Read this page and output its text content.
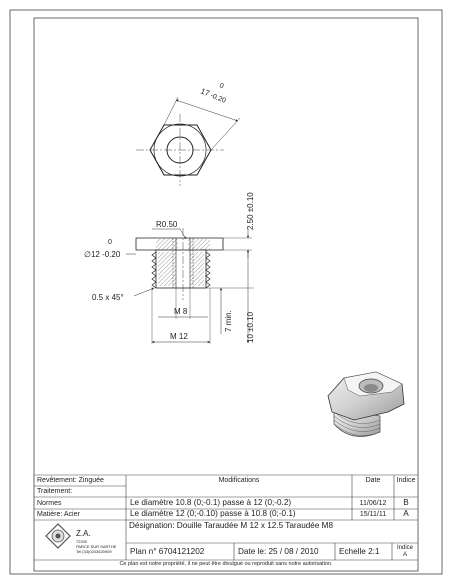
17
0
-0.20
R0.50	2.50 ±0.10
0
∅12 -0.20
0.5 x 45°
M 8	7 min. 10 ±0.10
M 12
Revêtement: Zinguée
Traitement:
Normes
Matière: Acier
Modifications	Date	Indice
Le diamètre 10.8 (0;-0.1) passe à 12 (0;-0.2)	11/06/12	B
Le diamètre 12 (0;-0.10) passe à 10.8 (0;-0.1)	15/11/11	A
Désignation: Douille Taraudée M 12 x 12.5 Taraudée M8
Z.A.
72200
PARCE SUR SARTHE
Tel (33)0243620909 Plan n° 6704121202	Date le: 25 / 08 / 2010 Echelle 2:1	Indice
A
Ce plan est notre propriété, il ne peut être divulgué ou reproduit sans notre autorisation.
